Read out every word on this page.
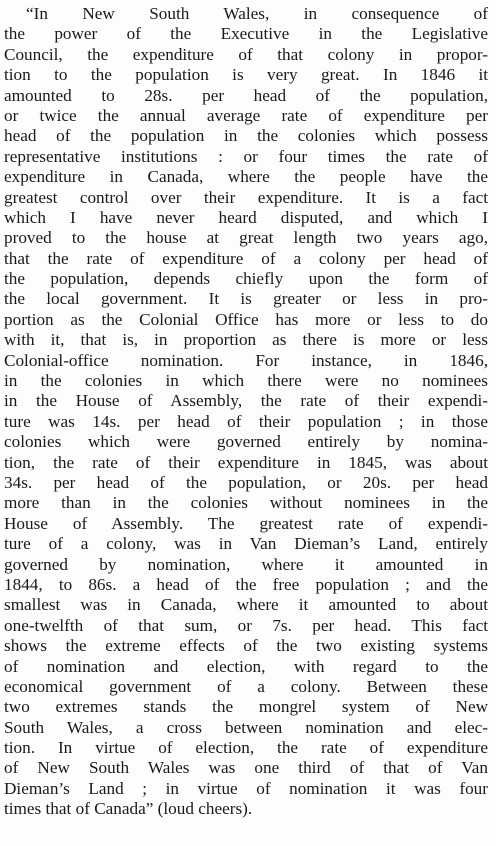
“In New South Wales, in consequence of
the power of the Executive in the Legislative
Council, the expenditure of that colony in propor-
tion to the population is very great. In 1846 it
amounted to 28s. per head of the population,
or twice the annual average rate of expenditure per
head of the population in the colonies which possess
representative institutions : or four times the rate of
expenditure in Canada, where the people have the
greatest control over their expenditure. It is a fact
which I have never heard disputed, and which I
proved to the house at great length two years ago,
that the rate of expenditure of a colony per head of
the population, depends chiefly upon the form of
the local government. It is greater or less in pro-
portion as the Colonial Office has more or less to do
with it, that is, in proportion as there is more or less
Colonial-office nomination. For instance, in 1846,
in the colonies in which there were no nominees
in the House of Assembly, the rate of their expendi-
ture was 14s. per head of their population ; in those
colonies which were governed entirely by nomina-
tion, the rate of their expenditure in 1845, was about
34s. per head of the population, or 20s. per head
more than in the colonies without nominees in the
House of Assembly. The greatest rate of expendi-
ture of a colony, was in Van Dieman’s Land, entirely
governed by nomination, where it amounted in
1844, to 86s. a head of the free population ; and the
smallest was in Canada, where it amounted to about
one-twelfth of that sum, or 7s. per head. This fact
shows the extreme effects of the two existing systems
of nomination and election, with regard to the
economical government of a colony. Between these
two extremes stands the mongrel system of New
South Wales, a cross between nomination and elec-
tion. In virtue of election, the rate of expenditure
of New South Wales was one third of that of Van
Dieman’s Land ; in virtue of nomination it was four
times that of Canada” (loud cheers).
